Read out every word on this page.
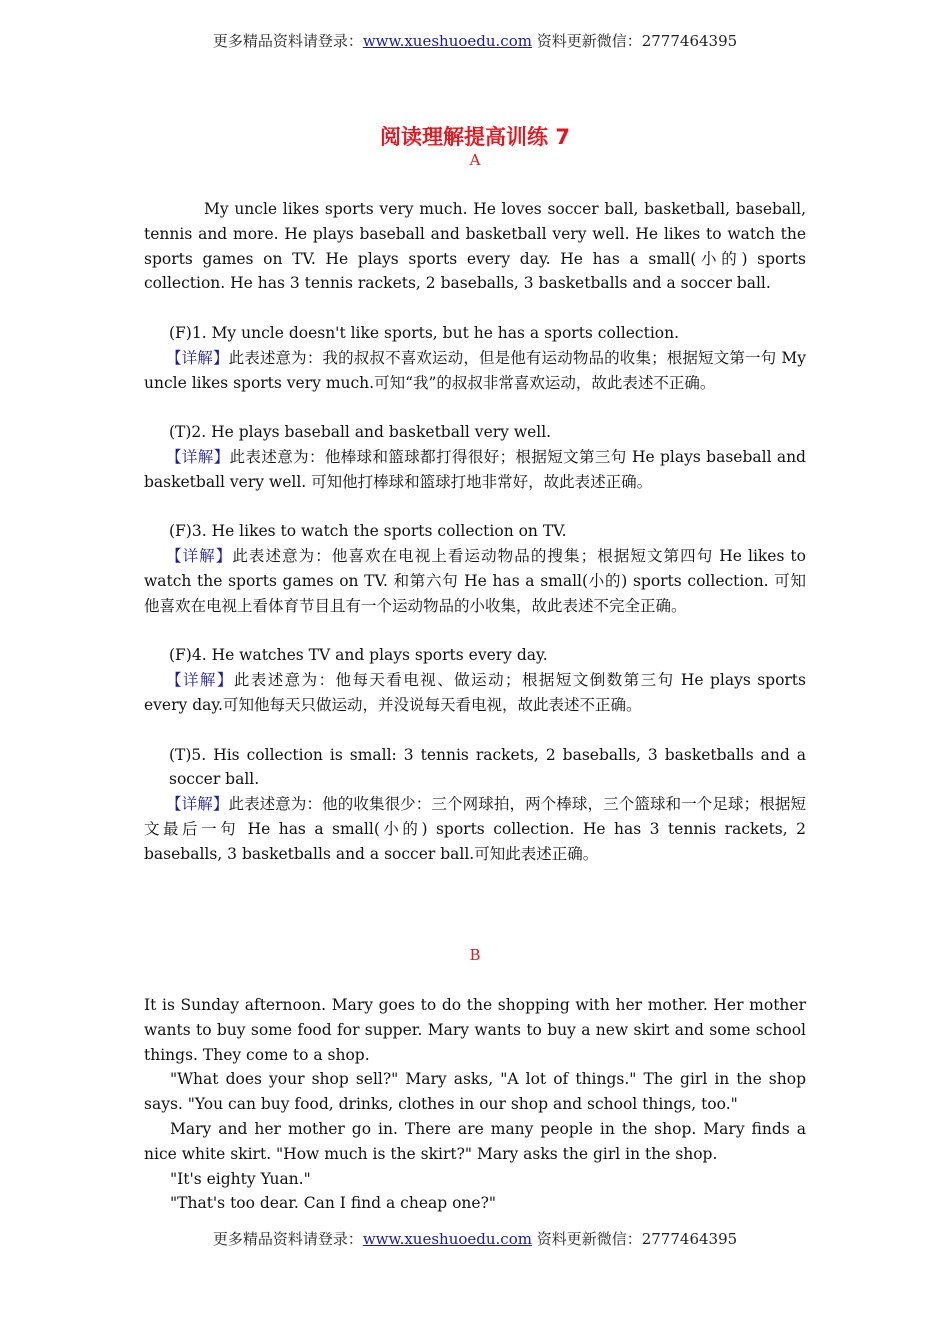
更多精品资料请登录：www.xueshuoedu.com 资料更新微信：2777464395
阅读理解提高训练 7
A

My uncle likes sports very much. He loves soccer ball, basketball, baseball, tennis and more. He plays baseball and basketball very well. He likes to watch the sports games on TV. He plays sports every day. He has a small(小的) sports collection. He has 3 tennis rackets, 2 baseballs, 3 basketballs and a soccer ball.

(F)1. My uncle doesn't like sports, but he has a sports collection.

【详解】此表述意为：我的叔叔不喜欢运动，但是他有运动物品的收集；根据短文第一句 My uncle likes sports very much.可知“我”的叔叔非常喜欢运动，故此表述不正确。

(T)2. He plays baseball and basketball very well.

【详解】此表述意为：他棒球和篮球都打得很好；根据短文第三句 He plays baseball and basketball very well. 可知他打棒球和篮球打地非常好，故此表述正确。

(F)3. He likes to watch the sports collection on TV.

【详解】此表述意为：他喜欢在电视上看运动物品的搜集；根据短文第四句 He likes to watch the sports games on TV. 和第六句 He has a small(小的) sports collection. 可知他喜欢在电视上看体育节目且有一个运动物品的小收集，故此表述不完全正确。

(F)4. He watches TV and plays sports every day.

【详解】此表述意为：他每天看电视、做运动；根据短文倒数第三句 He plays sports every day.可知他每天只做运动，并没说每天看电视，故此表述不正确。

(T)5. His collection is small: 3 tennis rackets, 2 baseballs, 3 basketballs and a soccer ball.

【详解】此表述意为：他的收集很少：三个网球拍，两个棒球，三个篮球和一个足球；根据短文最后一句 He has a small(小的) sports collection. He has 3 tennis rackets, 2 baseballs, 3 basketballs and a soccer ball.可知此表述正确。

B

It is Sunday afternoon. Mary goes to do the shopping with her mother. Her mother wants to buy some food for supper. Mary wants to buy a new skirt and some school things. They come to a shop.

"What does your shop sell?" Mary asks, "A lot of things." The girl in the shop says. "You can buy food, drinks, clothes in our shop and school things, too."

Mary and her mother go in. There are many people in the shop. Mary finds a nice white skirt. "How much is the skirt?" Mary asks the girl in the shop.

"It's eighty Yuan."

"That's too dear. Can I find a cheap one?"

更多精品资料请登录：www.xueshuoedu.com 资料更新微信：2777464395
